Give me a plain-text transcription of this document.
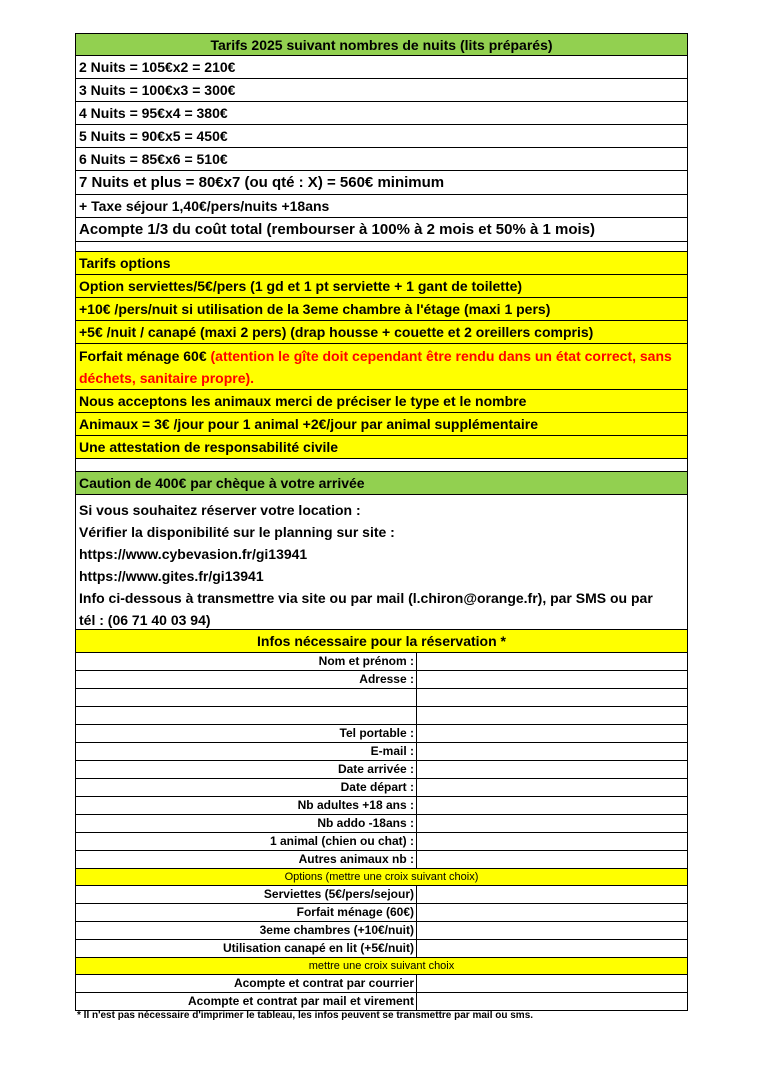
Tarifs 2025 suivant nombres de nuits (lits préparés)
2 Nuits = 105€x2 = 210€
3 Nuits = 100€x3 = 300€
4 Nuits = 95€x4 = 380€
5 Nuits = 90€x5 = 450€
6 Nuits = 85€x6 = 510€
7 Nuits et plus = 80€x7 (ou qté : X) = 560€ minimum
+ Taxe séjour 1,40€/pers/nuits +18ans
Acompte 1/3 du coût total (rembourser à 100% à 2 mois et 50% à 1 mois)
Tarifs options
Option serviettes/5€/pers (1 gd et 1 pt serviette + 1 gant de toilette)
+10€ /pers/nuit si utilisation de la 3eme chambre à l'étage (maxi 1 pers)
+5€ /nuit / canapé (maxi 2 pers) (drap housse + couette et 2 oreillers compris)
Forfait ménage 60€ (attention le gîte doit cependant être rendu dans un état correct, sans déchets, sanitaire propre).
Nous acceptons les animaux merci de préciser le type et le nombre
Animaux = 3€ /jour pour 1 animal +2€/jour par animal supplémentaire
Une attestation de responsabilité civile
Caution de 400€ par chèque à votre arrivée
Si vous souhaitez réserver votre location :
Vérifier la disponibilité sur le planning sur site :
https://www.cybevasion.fr/gi13941
https://www.gites.fr/gi13941
Info ci-dessous à transmettre via site ou par mail (l.chiron@orange.fr), par SMS ou par
tél : (06 71 40 03 94)
Infos nécessaire pour la réservation *
Nom et prénom :
Adresse :
Tel portable :
E-mail :
Date arrivée :
Date départ :
Nb adultes +18 ans :
Nb addo -18ans :
1 animal (chien ou chat) :
Autres animaux nb :
Options (mettre une croix suivant choix)
Serviettes (5€/pers/sejour)
Forfait ménage (60€)
3eme chambres (+10€/nuit)
Utilisation canapé en lit (+5€/nuit)
mettre une croix suivant choix
Acompte et contrat par courrier
Acompte et contrat par mail et virement
* Il n'est pas nécessaire d'imprimer le tableau, les infos peuvent se transmettre par mail ou sms.
